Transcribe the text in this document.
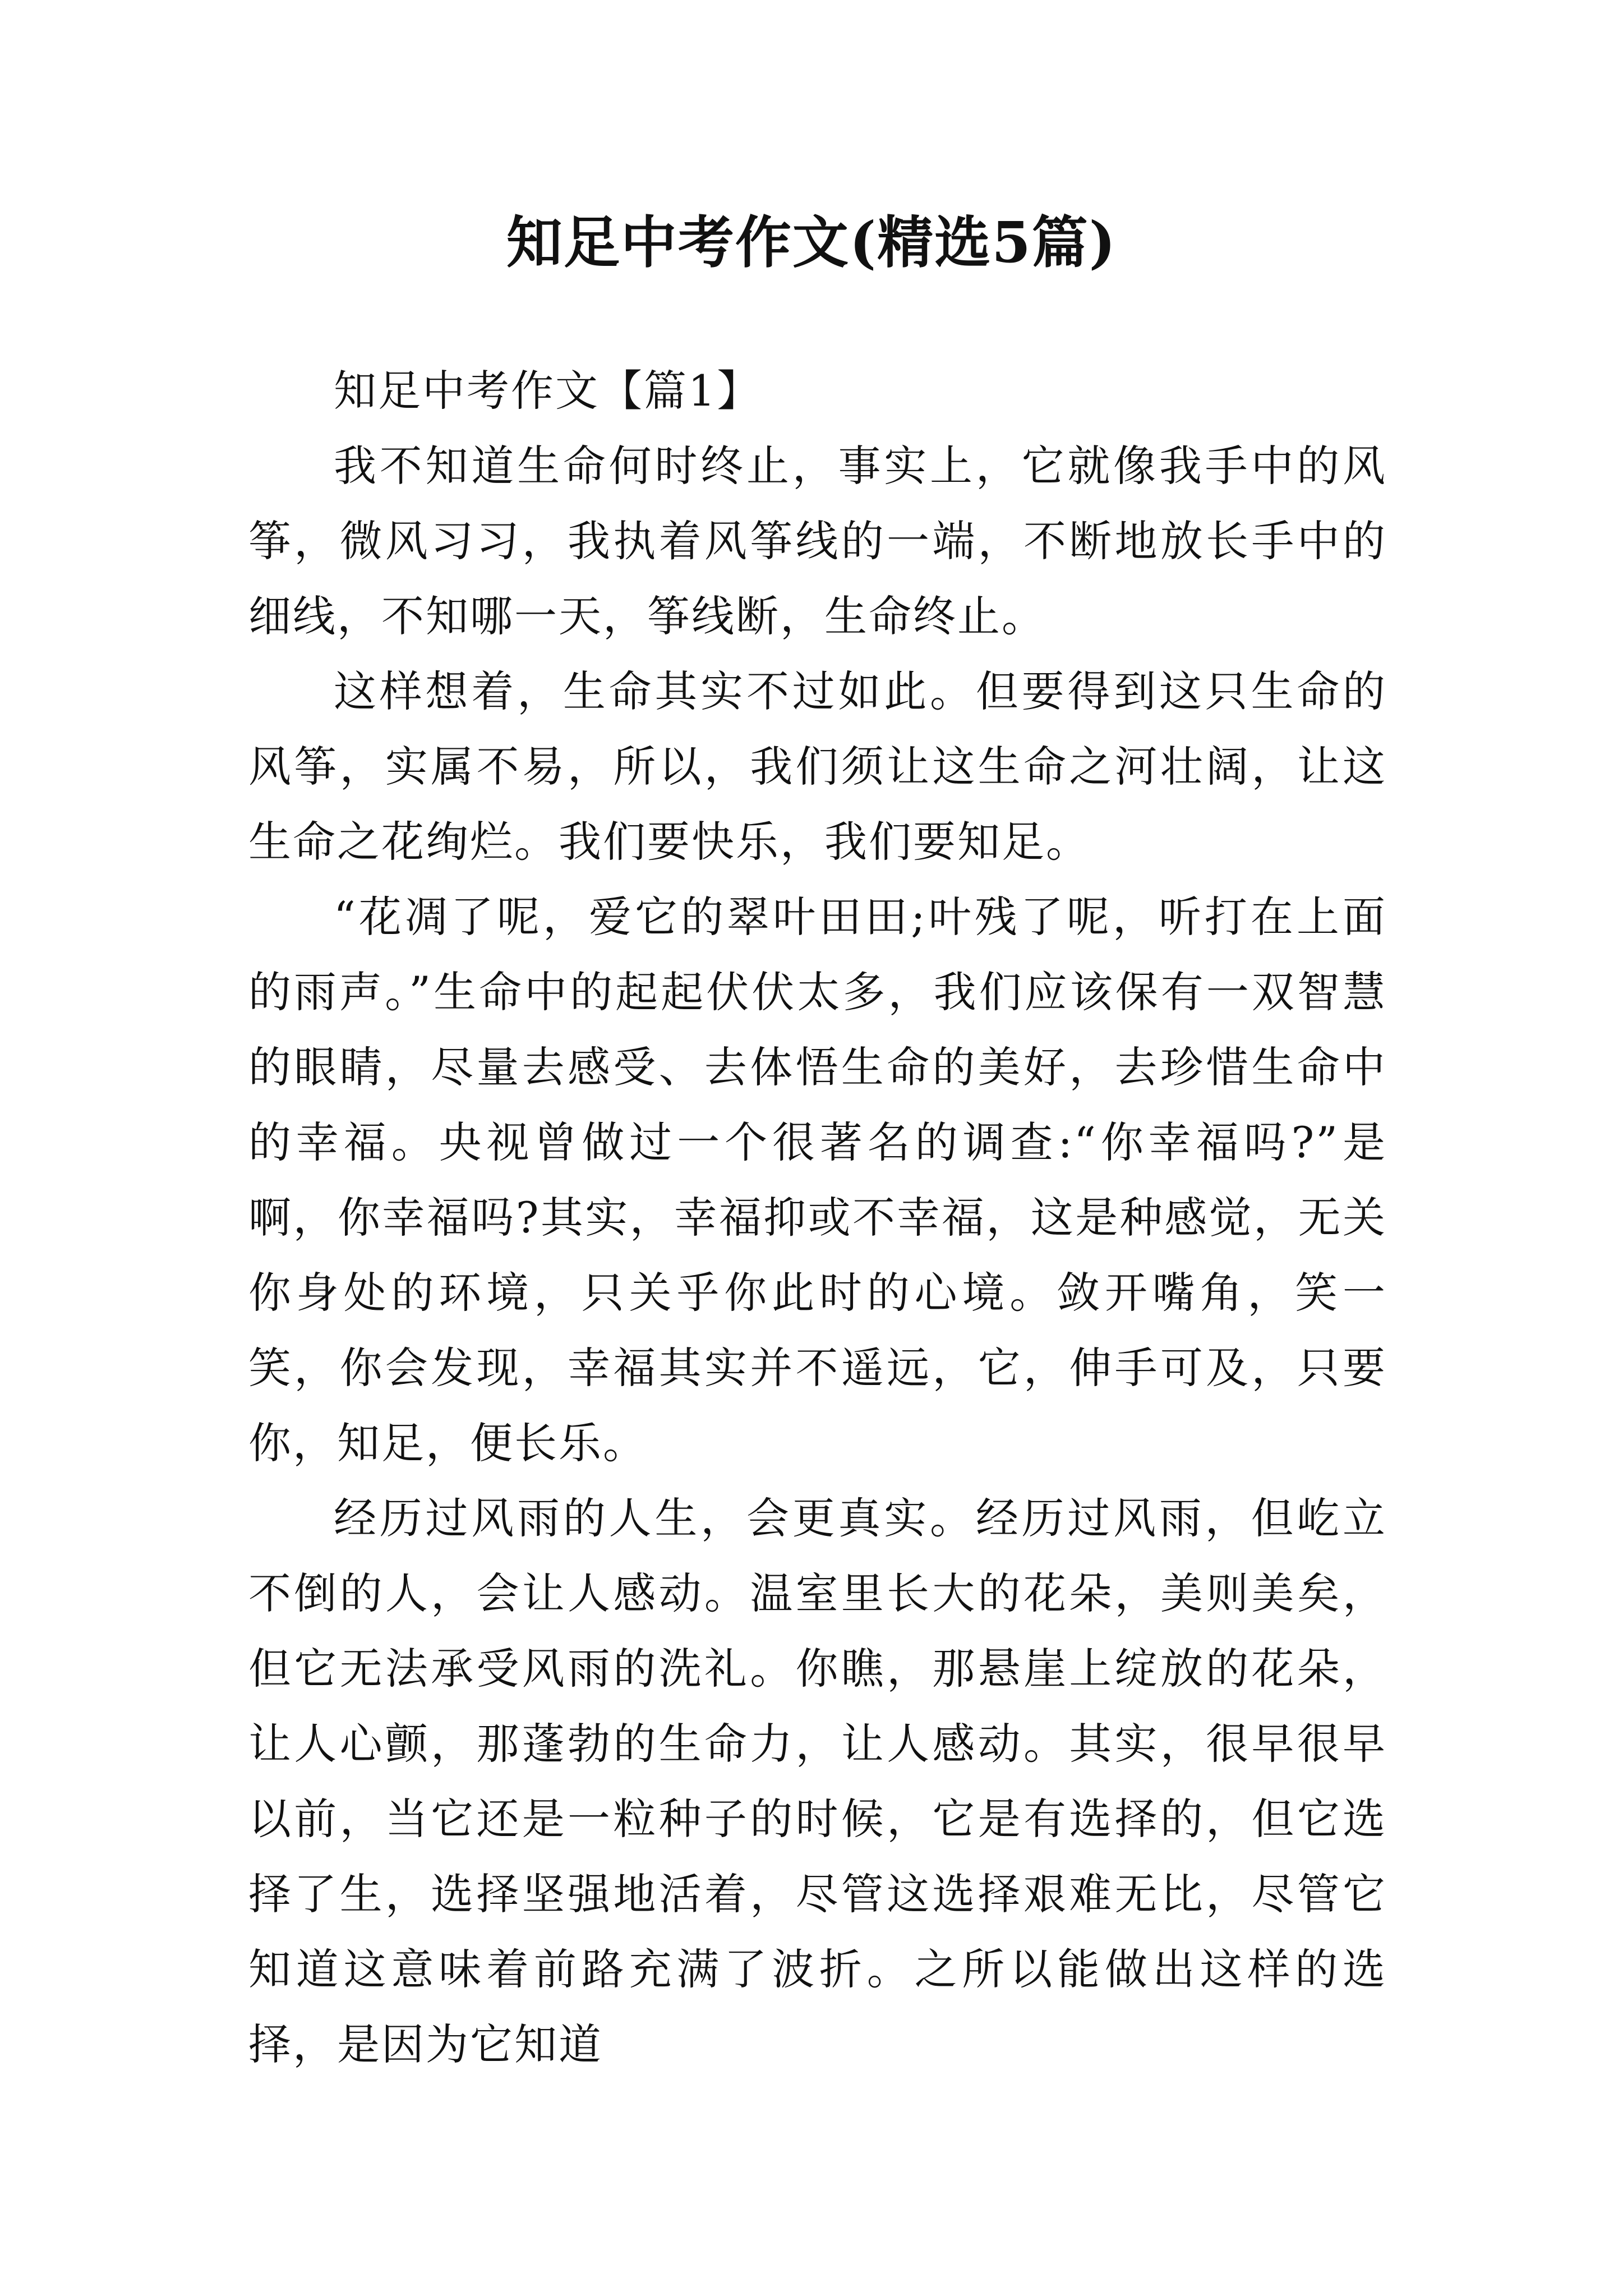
知足中考作文(精选5篇)

知足中考作文【篇1】

我不知道生命何时终止，事实上，它就像我手中的风筝，微风习习，我执着风筝线的一端，不断地放长手中的细线，不知哪一天，筝线断，生命终止。

这样想着，生命其实不过如此。但要得到这只生命的风筝，实属不易，所以，我们须让这生命之河壮阔，让这生命之花绚烂。我们要快乐，我们要知足。

“花凋了呢，爱它的翠叶田田;叶残了呢，听打在上面的雨声。”生命中的起起伏伏太多，我们应该保有一双智慧的眼睛，尽量去感受、去体悟生命的美好，去珍惜生命中的幸福。央视曾做过一个很著名的调查:“你幸福吗?”是啊，你幸福吗?其实，幸福抑或不幸福，这是种感觉，无关你身处的环境，只关乎你此时的心境。敛开嘴角，笑一笑，你会发现，幸福其实并不遥远，它，伸手可及，只要你，知足，便长乐。

经历过风雨的人生，会更真实。经历过风雨，但屹立不倒的人，会让人感动。温室里长大的花朵，美则美矣，但它无法承受风雨的洗礼。你瞧，那悬崖上绽放的花朵，让人心颤，那蓬勃的生命力，让人感动。其实，很早很早以前，当它还是一粒种子的时候，它是有选择的，但它选择了生，选择坚强地活着，尽管这选择艰难无比，尽管它知道这意味着前路充满了波折。之所以能做出这样的选择，是因为它知道
